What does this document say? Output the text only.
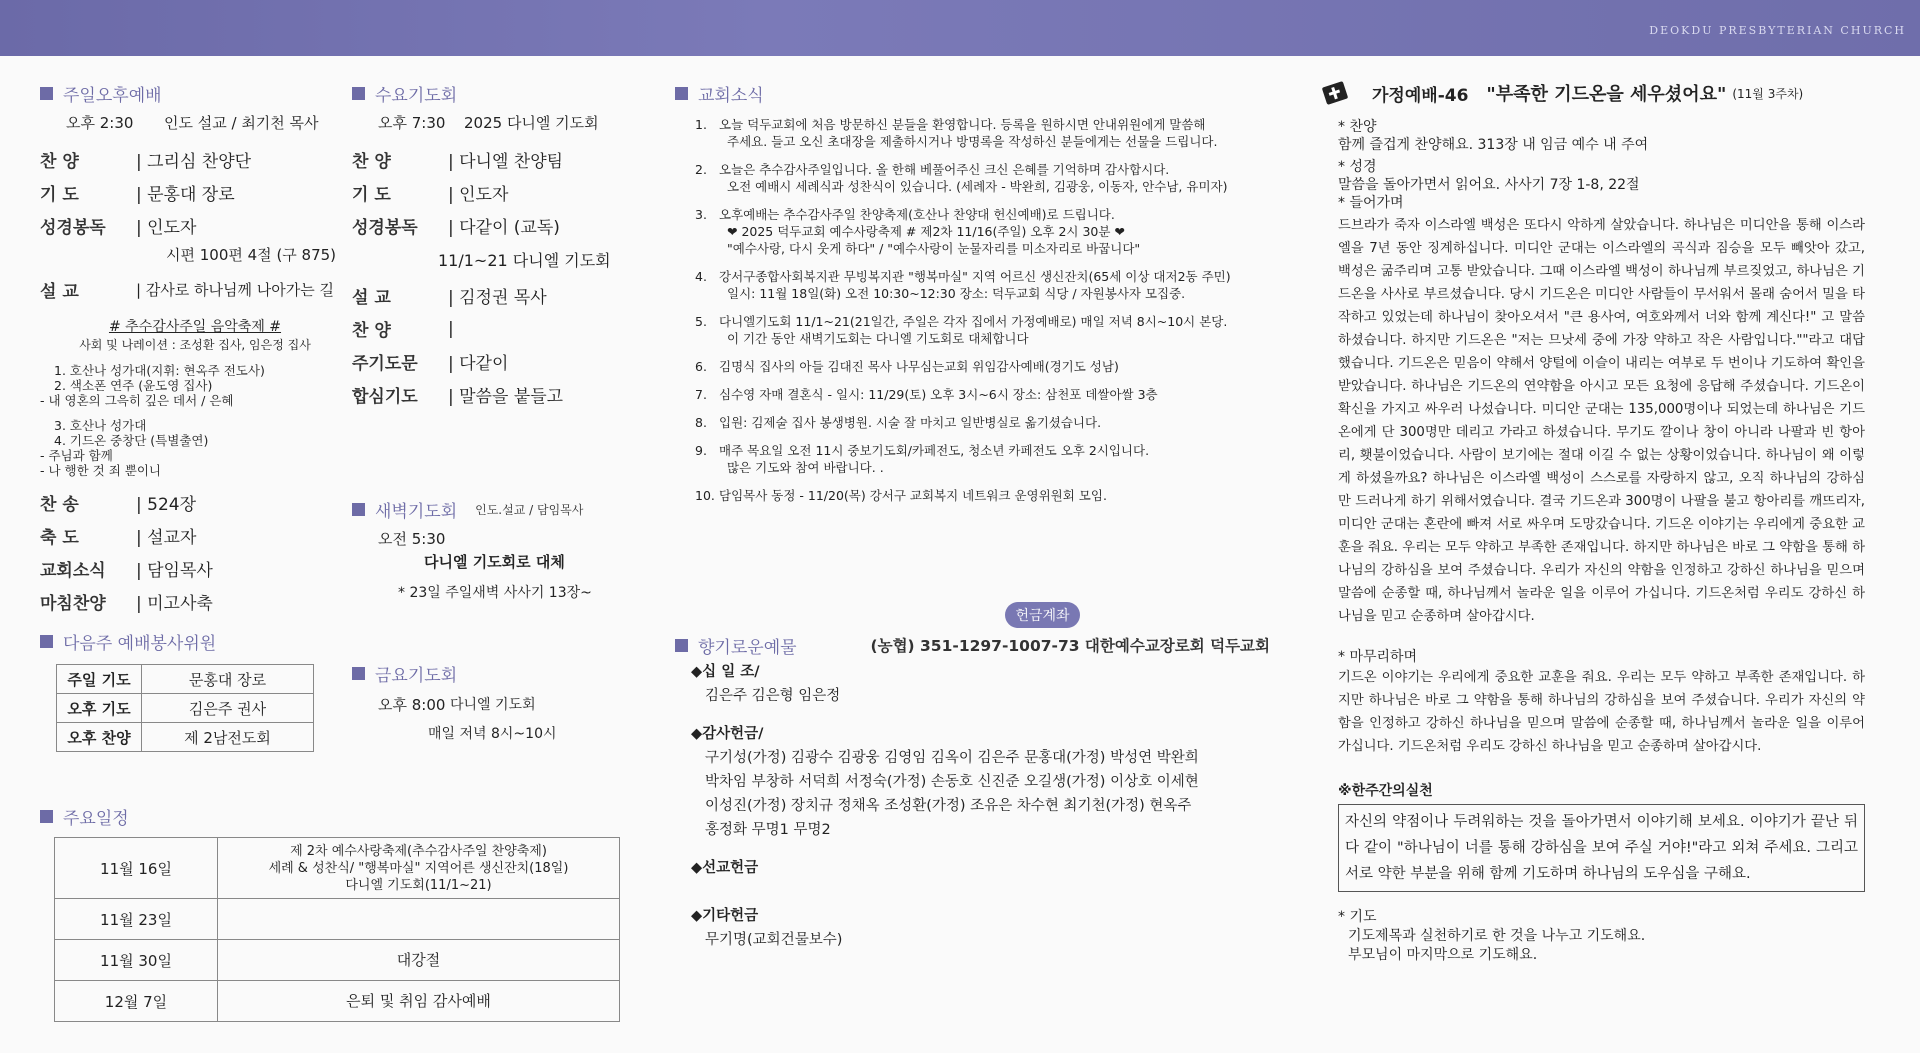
DEOKDU PRESBYTERIAN CHURCH
주일오후예배
오후 2:30	인도 설교 / 최기천 목사
찬 양	| 그리심 찬양단
기 도	| 문홍대 장로
성경봉독	| 인도자
시편 100편 4절 (구 875)
설 교	| 감사로 하나님께 나아가는 길
# 추수감사주일 음악축제 #
사회 및 나레이션 : 조성환 집사, 임은정 집사
1. 호산나 성가대(지휘: 현옥주 전도사)
2. 색소폰 연주 (윤도영 집사)
- 내 영혼의 그윽히 깊은 데서 / 은혜
3. 호산나 성가대
4. 기드온 중창단 (특별출연)
- 주님과 함께
- 나 행한 것 죄 뿐이니
찬 송	| 524장
축 도	| 설교자
교회소식	| 담임목사
마침찬양	| 미고사축
다음주 예배봉사위원
주일 기도	문홍대 장로
오후 기도	김은주 권사
오후 찬양	제 2남전도회
주요일정
11월 16일	제 2차 예수사랑축제(추수감사주일 찬양축제)
세례 & 성찬식/ "행복마실" 지역어른 생신잔치(18일)
다니엘 기도회(11/1~21)

11월 23일	

11월 30일	대강절

12월 7일	은퇴 및 취임 감사예배
수요기도회
오후 7:30	2025 다니엘 기도회
찬 양	| 다니엘 찬양팀
기 도	| 인도자
성경봉독	| 다같이 (교독)
11/1~21 다니엘 기도회
설 교	| 김정권 목사
찬 양	|
주기도문	| 다같이
합심기도	| 말씀을 붙들고
새벽기도회 인도.설교 / 담임목사
오전 5:30
다니엘 기도회로 대체
* 23일 주일새벽 사사기 13장~
금요기도회
오후 8:00 다니엘 기도회
매일 저녁 8시~10시
교회소식
1. 오늘 덕두교회에 처음 방문하신 분들을 환영합니다. 등록을 원하시면 안내위원에게 말씀해
주세요. 들고 오신 초대장을 제출하시거나 방명록을 작성하신 분들에게는 선물을 드립니다.
2. 오늘은 추수감사주일입니다. 올 한해 베풀어주신 크신 은혜를 기억하며 감사합시다.
오전 예배시 세례식과 성찬식이 있습니다. (세례자 - 박완희, 김광웅, 이동자, 안수남, 유미자)
3. 오후예배는 추수감사주일 찬양축제(호산나 찬양대 헌신예배)로 드립니다.
❤ 2025 덕두교회 예수사랑축제 # 제2차 11/16(주일) 오후 2시 30분 ❤
"예수사랑, 다시 웃게 하다" / "예수사랑이 눈물자리를 미소자리로 바꿉니다"
4. 강서구종합사회복지관 무빙복지관 "행복마실" 지역 어르신 생신잔치(65세 이상 대저2동 주민)
일시: 11월 18일(화) 오전 10:30~12:30 장소: 덕두교회 식당 / 자원봉사자 모집중.
5. 다니엘기도회 11/1~21(21일간, 주일은 각자 집에서 가정예배로) 매일 저녁 8시~10시 본당.
이 기간 동안 새벽기도회는 다니엘 기도회로 대체합니다
6. 김명식 집사의 아들 김대진 목사 나무심는교회 위임감사예배(경기도 성남)
7. 심수영 자매 결혼식 - 일시: 11/29(토) 오후 3시~6시 장소: 삼천포 데쌀아쌀 3층
8. 입원: 김제술 집사 봉생병원. 시술 잘 마치고 일반병실로 옮기셨습니다.
9. 매주 목요일 오전 11시 중보기도회/카페전도, 청소년 카페전도 오후 2시입니다.
많은 기도와 참여 바랍니다. .
10. 담임목사 동정 - 11/20(목) 강서구 교회복지 네트워크 운영위원회 모임.
헌금계좌
향기로운예물	(농협) 351-1297-1007-73 대한예수교장로회 덕두교회
◆십 일 조/
김은주 김은형 임은정
◆감사헌금/
구기성(가정) 김광수 김광웅 김영임 김옥이 김은주 문홍대(가정) 박성연 박완희
박차임 부창하 서덕희 서정숙(가정) 손동호 신진준 오길생(가정) 이상호 이세현
이성진(가정) 장치규 정채옥 조성환(가정) 조유은 차수현 최기천(가정) 현옥주
홍정화 무명1 무명2
◆선교헌금
◆기타헌금
무기명(교회건물보수)
가정예배-46 "부족한 기드온을 세우셨어요" (11월 3주차)
* 찬양
함께 즐겁게 찬양해요. 313장 내 임금 예수 내 주여
* 성경
말씀을 돌아가면서 읽어요. 사사기 7장 1-8, 22절
* 들어가며
드브라가 죽자 이스라엘 백성은 또다시 악하게 살았습니다. 하나님은 미디안을 통해 이스라엘을 7년 동안 징계하십니다. 미디안 군대는 이스라엘의 곡식과 짐승을 모두 빼앗아 갔고, 백성은 굶주리며 고통 받았습니다. 그때 이스라엘 백성이 하나님께 부르짖었고, 하나님은 기드온을 사사로 부르셨습니다. 당시 기드온은 미디안 사람들이 무서워서 몰래 숨어서 밀을 타작하고 있었는데 하나님이 찾아오셔서 "큰 용사여, 여호와께서 너와 함께 계신다!" 고 말씀하셨습니다. 하지만 기드온은 "저는 므낫세 중에 가장 약하고 작은 사람입니다.""라고 대답했습니다. 기드온은 믿음이 약해서 양털에 이슬이 내리는 여부로 두 번이나 기도하여 확인을 받았습니다. 하나님은 기드온의 연약함을 아시고 모든 요청에 응답해 주셨습니다. 기드온이 확신을 가지고 싸우러 나섰습니다. 미디안 군대는 135,000명이나 되었는데 하나님은 기드온에게 단 300명만 데리고 가라고 하셨습니다. 무기도 깔이나 창이 아니라 나팔과 빈 항아리, 횃불이었습니다. 사람이 보기에는 절대 이길 수 없는 상황이었습니다. 하나님이 왜 이렇게 하셨을까요? 하나님은 이스라엘 백성이 스스로를 자랑하지 않고, 오직 하나님의 강하심만 드러나게 하기 위해서였습니다. 결국 기드온과 300명이 나팔을 불고 항아리를 깨뜨리자, 미디안 군대는 혼란에 빠져 서로 싸우며 도망갔습니다. 기드온 이야기는 우리에게 중요한 교훈을 줘요. 우리는 모두 약하고 부족한 존재입니다. 하지만 하나님은 바로 그 약함을 통해 하나님의 강하심을 보여 주셨습니다. 우리가 자신의 약함을 인정하고 강하신 하나님을 믿으며 말씀에 순종할 때, 하나님께서 놀라운 일을 이루어 가십니다. 기드온처럼 우리도 강하신 하나님을 믿고 순종하며 살아갑시다.
* 마무리하며
기드온 이야기는 우리에게 중요한 교훈을 줘요. 우리는 모두 약하고 부족한 존재입니다. 하지만 하나님은 바로 그 약함을 통해 하나님의 강하심을 보여 주셨습니다. 우리가 자신의 약함을 인정하고 강하신 하나님을 믿으며 말씀에 순종할 때, 하나님께서 놀라운 일을 이루어 가십니다. 기드온처럼 우리도 강하신 하나님을 믿고 순종하며 살아갑시다.
※한주간의실천
자신의 약점이나 두려워하는 것을 돌아가면서 이야기해 보세요. 이야기가 끝난 뒤 다 같이 "하나님이 너를 통해 강하심을 보여 주실 거야!"라고 외쳐 주세요. 그리고 서로 약한 부분을 위해 함께 기도하며 하나님의 도우심을 구해요.
* 기도
기도제목과 실천하기로 한 것을 나누고 기도해요.
부모님이 마지막으로 기도해요.
